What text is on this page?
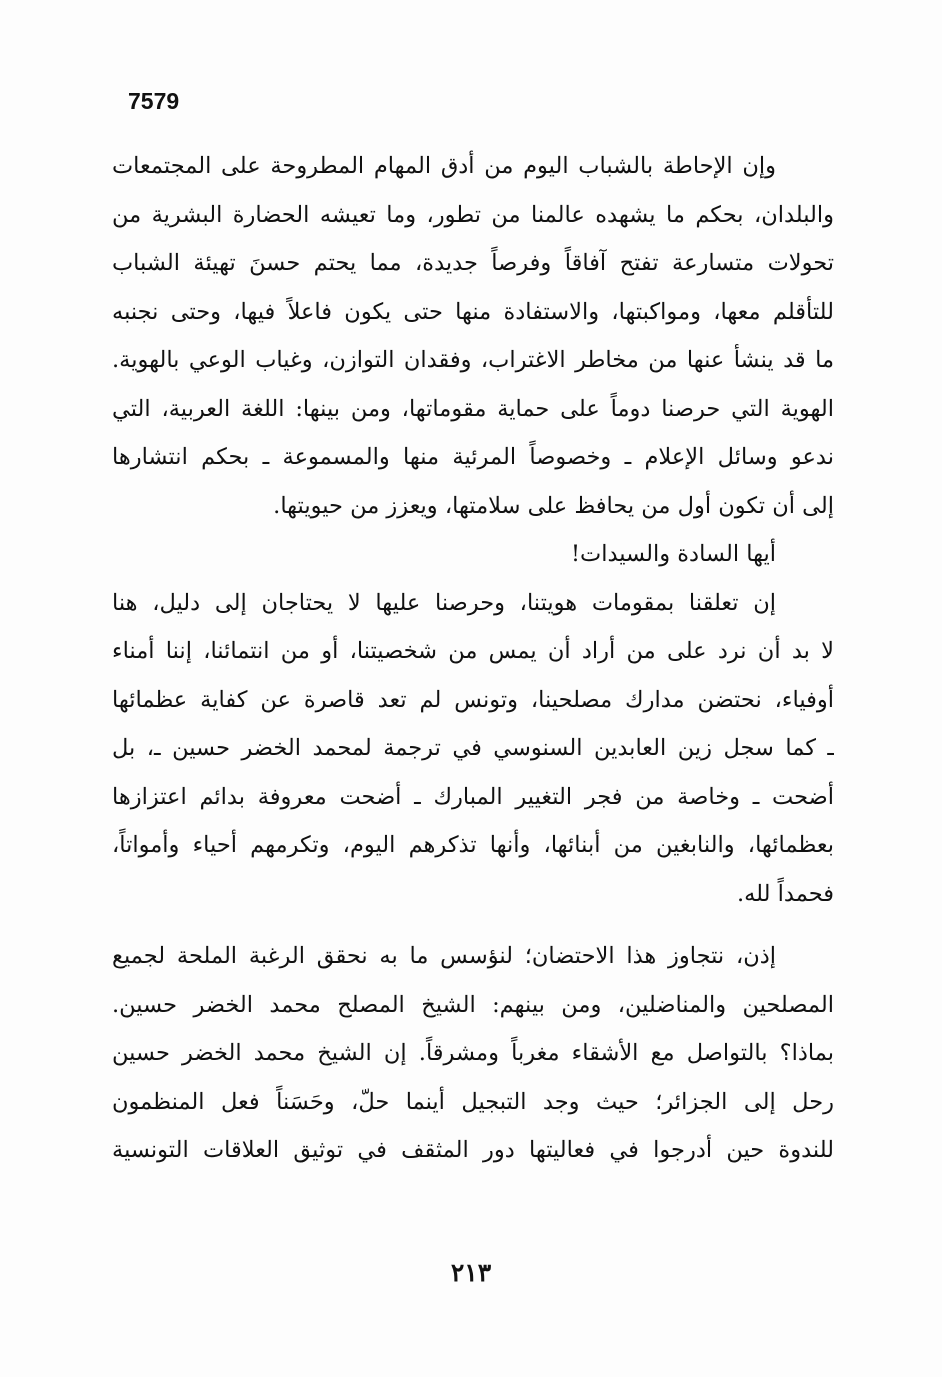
7579
وإن الإحاطة بالشباب اليوم من أدق المهام المطروحة على المجتمعات
والبلدان، بحكم ما يشهده عالمنا من تطور، وما تعيشه الحضارة البشرية من
تحولات متسارعة تفتح آفاقاً وفرصاً جديدة، مما يحتم حسنَ تهيئة الشباب
للتأقلم معها، ومواكبتها، والاستفادة منها حتى يكون فاعلاً فيها، وحتى نجنبه
ما قد ينشأ عنها من مخاطر الاغتراب، وفقدان التوازن، وغياب الوعي بالهوية.
الهوية التي حرصنا دوماً على حماية مقوماتها، ومن بينها: اللغة العربية، التي
ندعو وسائل الإعلام ـ وخصوصاً المرئية منها والمسموعة ـ بحكم انتشارها
إلى أن تكون أول من يحافظ على سلامتها، ويعزز من حيويتها.
أيها السادة والسيدات!
إن تعلقنا بمقومات هويتنا، وحرصنا عليها لا يحتاجان إلى دليل، هنا
لا بد أن نرد على من أراد أن يمس من شخصيتنا، أو من انتمائنا، إننا أمناء
أوفياء، نحتضن مدارك مصلحينا، وتونس لم تعد قاصرة عن كفاية عظمائها
ـ كما سجل زين العابدين السنوسي في ترجمة لمحمد الخضر حسين ـ، بل
أضحت ـ وخاصة من فجر التغيير المبارك ـ أضحت معروفة بدائم اعتزازها
بعظمائها، والنابغين من أبنائها، وأنها تذكرهم اليوم، وتكرمهم أحياء وأمواتاً،
فحمداً لله.
إذن، نتجاوز هذا الاحتضان؛ لنؤسس ما به نحقق الرغبة الملحة لجميع
المصلحين والمناضلين، ومن بينهم: الشيخ المصلح محمد الخضر حسين.
بماذا؟ بالتواصل مع الأشقاء مغرباً ومشرقاً. إن الشيخ محمد الخضر حسين
رحل إلى الجزائر؛ حيث وجد التبجيل أينما حلّ، وحَسَناً فعل المنظمون
للندوة حين أدرجوا في فعاليتها دور المثقف في توثيق العلاقات التونسية
٢١٣
